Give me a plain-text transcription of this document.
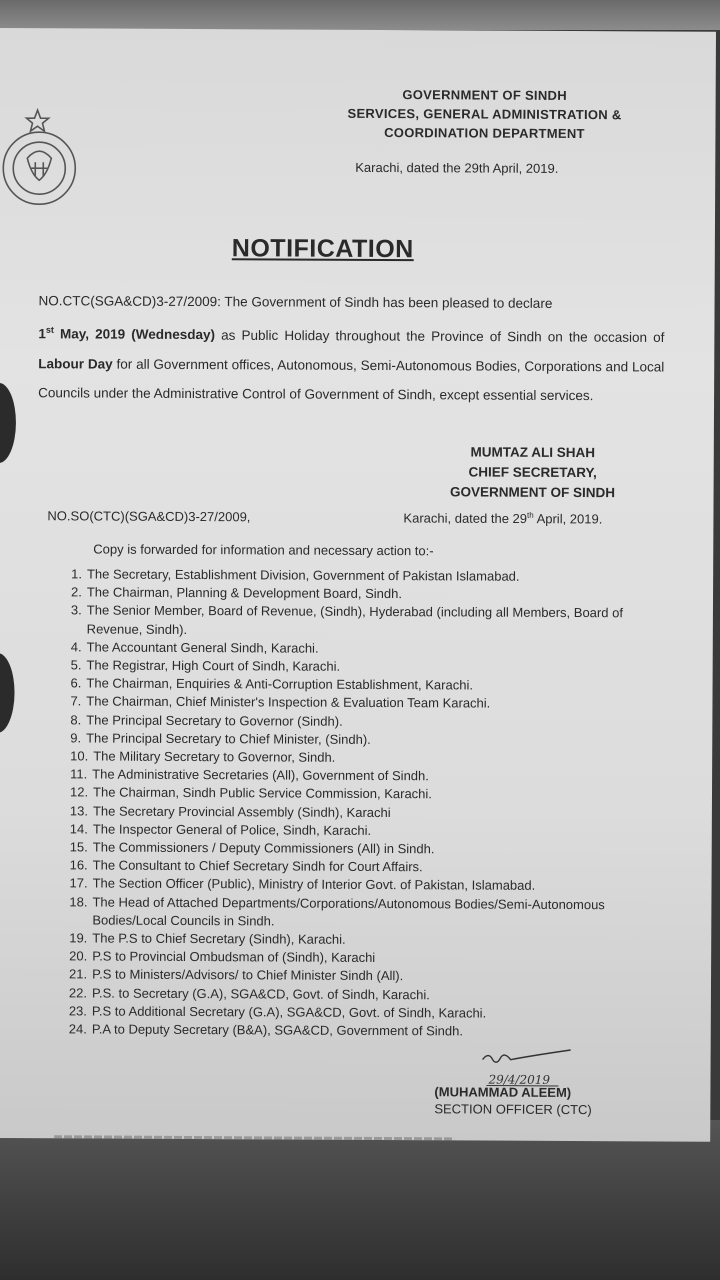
GOVERNMENT OF SINDH
SERVICES, GENERAL ADMINISTRATION &
COORDINATION DEPARTMENT
Karachi, dated the 29th April, 2019.
NOTIFICATION
NO.CTC(SGA&CD)3-27/2009: The Government of Sindh has been pleased to declare
1st May, 2019 (Wednesday) as Public Holiday throughout the Province of Sindh on the occasion of Labour Day for all Government offices, Autonomous, Semi-Autonomous Bodies, Corporations and Local Councils under the Administrative Control of Government of Sindh, except essential services.
MUMTAZ ALI SHAH
CHIEF SECRETARY,
GOVERNMENT OF SINDH
NO.SO(CTC)(SGA&CD)3-27/2009,	Karachi, dated the 29th April, 2019.
Copy is forwarded for information and necessary action to:-
1. The Secretary, Establishment Division, Government of Pakistan Islamabad.
2. The Chairman, Planning & Development Board, Sindh.
3. The Senior Member, Board of Revenue, (Sindh), Hyderabad (including all Members, Board of Revenue, Sindh).
4. The Accountant General Sindh, Karachi.
5. The Registrar, High Court of Sindh, Karachi.
6. The Chairman, Enquiries & Anti-Corruption Establishment, Karachi.
7. The Chairman, Chief Minister's Inspection & Evaluation Team Karachi.
8. The Principal Secretary to Governor (Sindh).
9. The Principal Secretary to Chief Minister, (Sindh).
10. The Military Secretary to Governor, Sindh.
11. The Administrative Secretaries (All), Government of Sindh.
12. The Chairman, Sindh Public Service Commission, Karachi.
13. The Secretary Provincial Assembly (Sindh), Karachi
14. The Inspector General of Police, Sindh, Karachi.
15. The Commissioners / Deputy Commissioners (All) in Sindh.
16. The Consultant to Chief Secretary Sindh for Court Affairs.
17. The Section Officer (Public), Ministry of Interior Govt. of Pakistan, Islamabad.
18. The Head of Attached Departments/Corporations/Autonomous Bodies/Semi-Autonomous Bodies/Local Councils in Sindh.
19. The P.S to Chief Secretary (Sindh), Karachi.
20. P.S to Provincial Ombudsman of (Sindh), Karachi
21. P.S to Ministers/Advisors/ to Chief Minister Sindh (All).
22. P.S. to Secretary (G.A), SGA&CD, Govt. of Sindh, Karachi.
23. P.S to Additional Secretary (G.A), SGA&CD, Govt. of Sindh, Karachi.
24. P.A to Deputy Secretary (B&A), SGA&CD, Government of Sindh.
29/4/2019
(MUHAMMAD ALEEM)
SECTION OFFICER (CTC)
